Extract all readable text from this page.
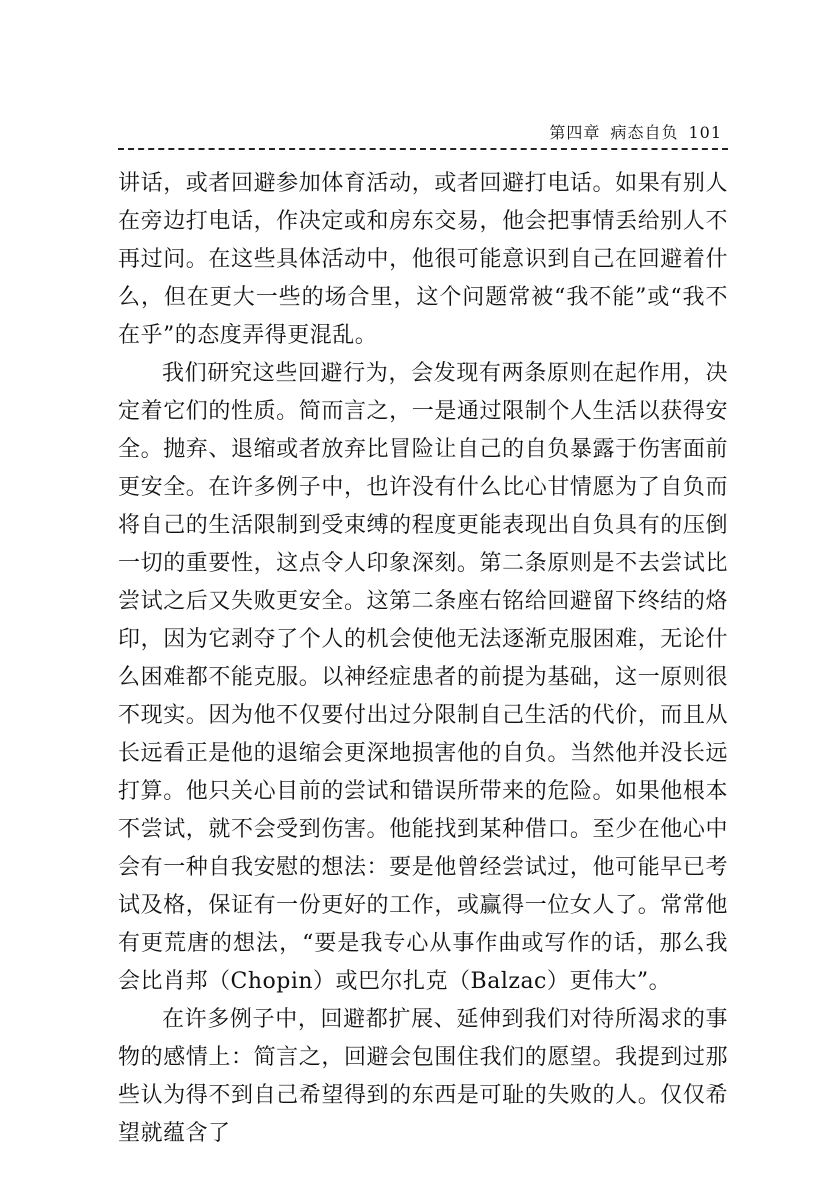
第四章 病态自负 101

讲话，或者回避参加体育活动，或者回避打电话。如果有别人在旁边打电话，作决定或和房东交易，他会把事情丢给别人不再过问。在这些具体活动中，他很可能意识到自己在回避着什么，但在更大一些的场合里，这个问题常被“我不能”或“我不在乎”的态度弄得更混乱。

我们研究这些回避行为，会发现有两条原则在起作用，决定着它们的性质。简而言之，一是通过限制个人生活以获得安全。抛弃、退缩或者放弃比冒险让自己的自负暴露于伤害面前更安全。在许多例子中，也许没有什么比心甘情愿为了自负而将自己的生活限制到受束缚的程度更能表现出自负具有的压倒一切的重要性，这点令人印象深刻。第二条原则是不去尝试比尝试之后又失败更安全。这第二条座右铭给回避留下终结的烙印，因为它剥夺了个人的机会使他无法逐渐克服困难，无论什么困难都不能克服。以神经症患者的前提为基础，这一原则很不现实。因为他不仅要付出过分限制自己生活的代价，而且从长远看正是他的退缩会更深地损害他的自负。当然他并没长远打算。他只关心目前的尝试和错误所带来的危险。如果他根本不尝试，就不会受到伤害。他能找到某种借口。至少在他心中会有一种自我安慰的想法：要是他曾经尝试过，他可能早已考试及格，保证有一份更好的工作，或赢得一位女人了。常常他有更荒唐的想法，“要是我专心从事作曲或写作的话，那么我会比肖邦（Chopin）或巴尔扎克（Balzac）更伟大”。

在许多例子中，回避都扩展、延伸到我们对待所渴求的事物的感情上：简言之，回避会包围住我们的愿望。我提到过那些认为得不到自己希望得到的东西是可耻的失败的人。仅仅希望就蕴含了
